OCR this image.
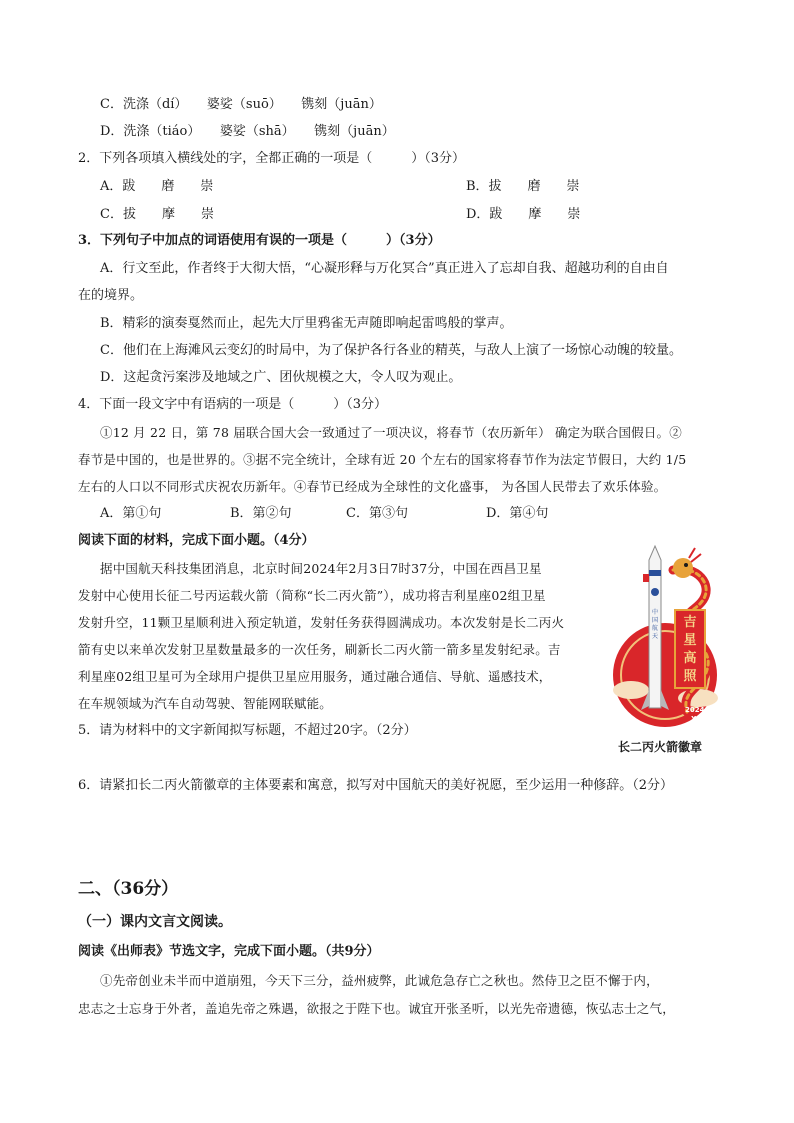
C．洗涤（dí）　　婆娑（suō）　　镌刻（juān）
D．洗涤（tiáo）　　婆娑（shā）　　镌刻（juān）
2．下列各项填入横线处的字，全都正确的一项是（　　　）（3分）
A．跋　　磨　　崇	B．拔　　磨　　崇
C．拔　　摩　　崇	D．跋　　摩　　崇
3．下列句子中加点的词语使用有误的一项是（　　　）（3分）
A．行文至此，作者终于大彻大悟，“心凝形释与万化冥合”真正进入了忘却自我、超越功利的自由自
在的境界。
B．精彩的演奏戛然而止，起先大厅里鸦雀无声随即响起雷鸣般的掌声。
C．他们在上海滩风云变幻的时局中，为了保护各行各业的精英，与敌人上演了一场惊心动魄的较量。
D．这起贪污案涉及地域之广、团伙规模之大，令人叹为观止。
4．下面一段文字中有语病的一项是（　　　）（3分）
①12 月 22 日，第 78 届联合国大会一致通过了一项决议，将春节（农历新年） 确定为联合国假日。②
春节是中国的，也是世界的。③据不完全统计，全球有近 20 个左右的国家将春节作为法定节假日，大约 1/5
左右的人口以不同形式庆祝农历新年。④春节已经成为全球性的文化盛事， 为各国人民带去了欢乐体验。
A．第①句	B．第②句	C．第③句	D．第④句
阅读下面的材料，完成下面小题。（4分）
据中国航天科技集团消息，北京时间2024年2月3日7时37分，中国在西昌卫星
发射中心使用长征二号丙运载火箭（简称“长二丙火箭”），成功将吉利星座02组卫星
发射升空，11颗卫星顺利进入预定轨道，发射任务获得圆满成功。本次发射是长二丙火
箭有史以来单次发射卫星数量最多的一次任务，刷新长二丙火箭一箭多星发射纪录。吉
利星座02组卫星可为全球用户提供卫星应用服务，通过融合通信、导航、遥感技术，
在车规领域为汽车自动驾驶、智能网联赋能。
5．请为材料中的文字新闻拟写标题，不超过20字。（2分）
吉
星
高
照
中
国
航
天
2024.02
XSLC
长二丙火箭徽章
6．请紧扣长二丙火箭徽章的主体要素和寓意，拟写对中国航天的美好祝愿，至少运用一种修辞。（2分）
二、（36分）
（一）课内文言文阅读。
阅读《出师表》节选文字，完成下面小题。（共9分）
①先帝创业未半而中道崩殂，今天下三分，益州疲弊，此诚危急存亡之秋也。然侍卫之臣不懈于内，
忠志之士忘身于外者，盖追先帝之殊遇，欲报之于陛下也。诚宜开张圣听，以光先帝遗德，恢弘志士之气，
